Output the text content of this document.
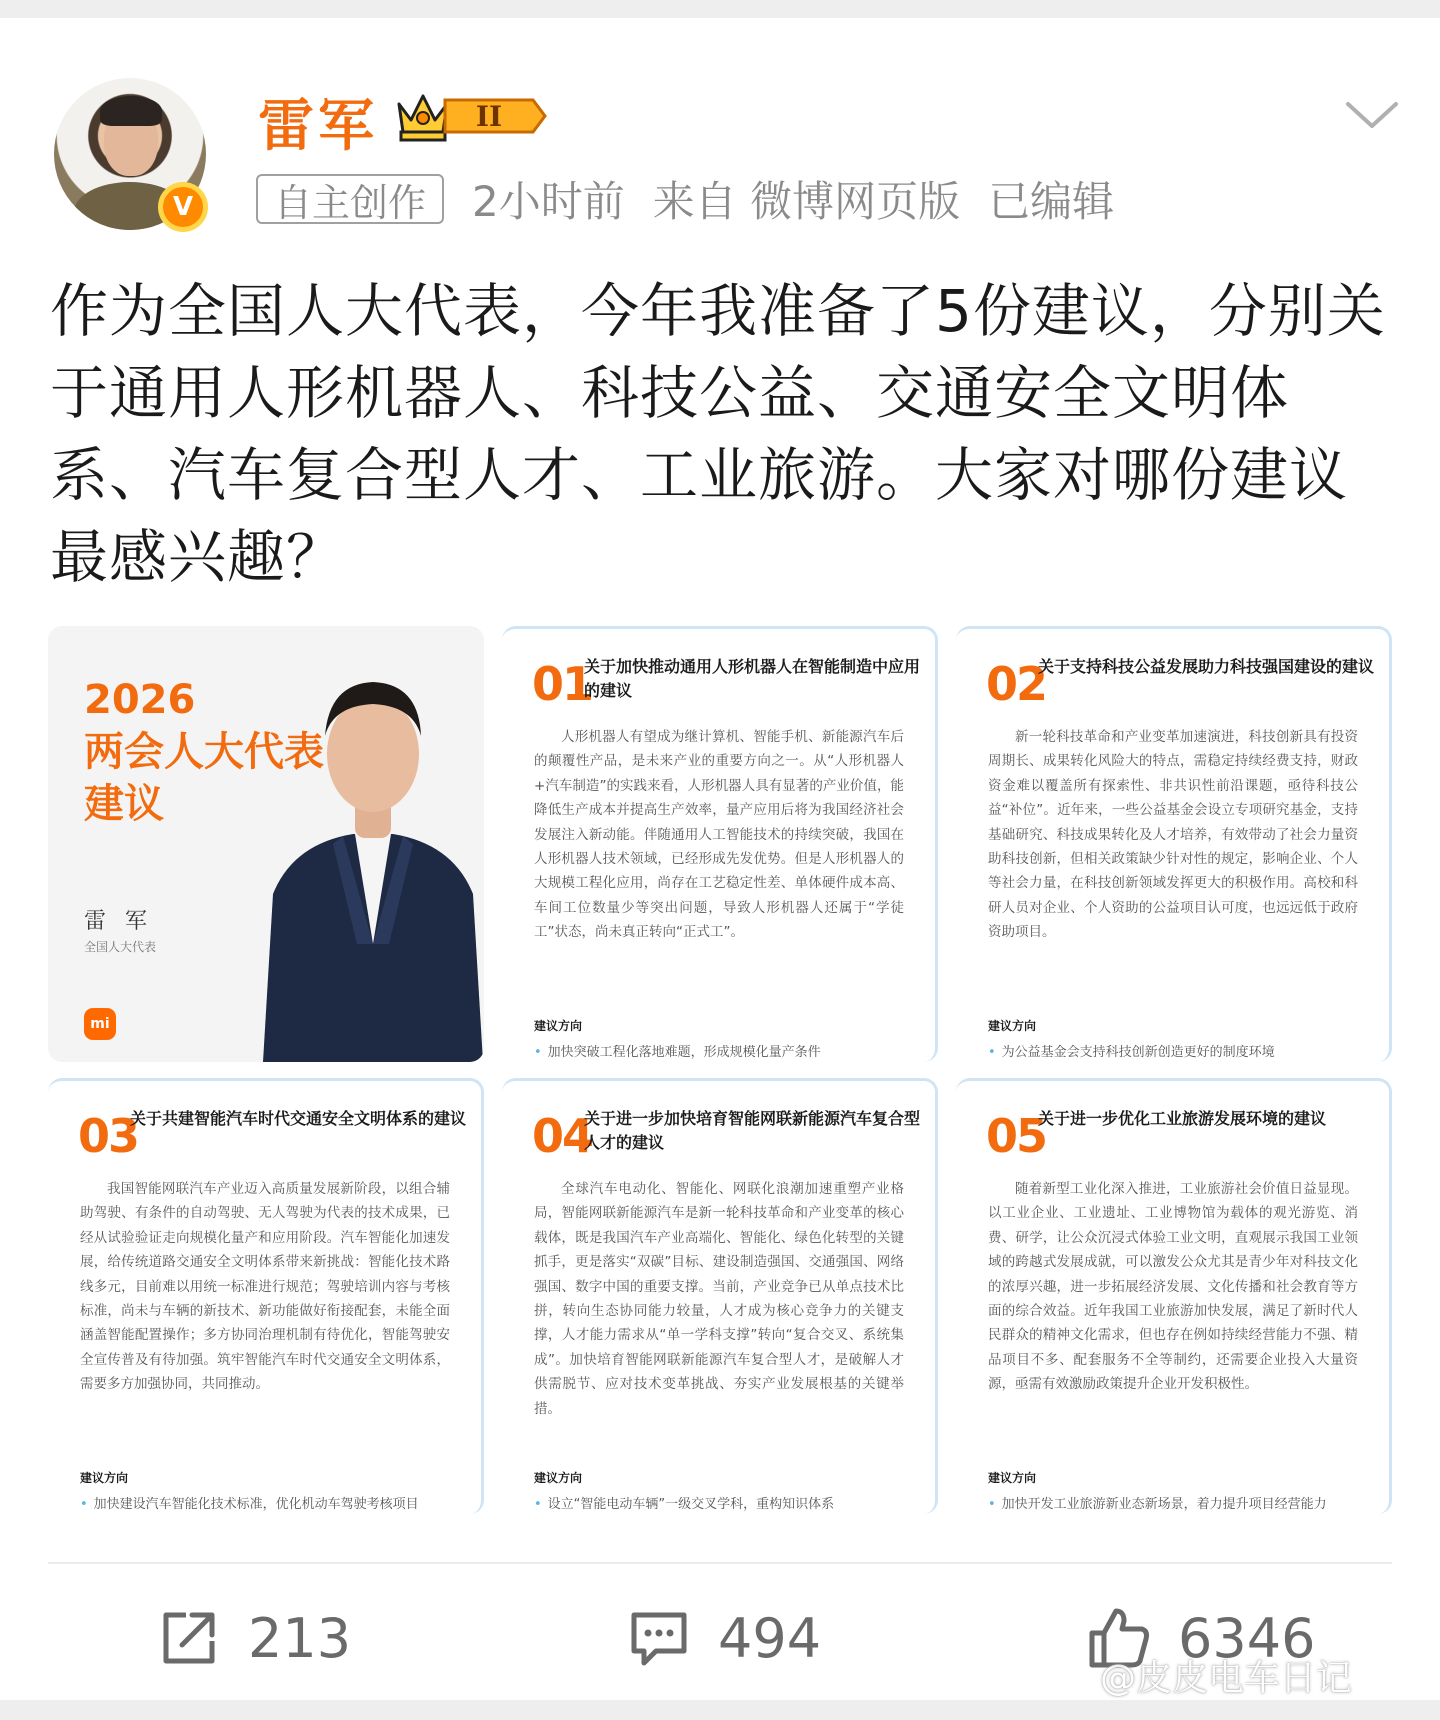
V
雷军	II
自主创作	2小时前 来自 微博网页版 已编辑
作为全国人大代表，今年我准备了5份建议，分别关于通用人形机器人、科技公益、交通安全文明体系、汽车复合型人才、工业旅游。大家对哪份建议最感兴趣？
2026
两会人大代表
建议
雷 军
全国人大代表
mi
01
关于加快推动通用人形机器人在智能制造中应用的建议
人形机器人有望成为继计算机、智能手机、新能源汽车后的颠覆性产品，是未来产业的重要方向之一。从“人形机器人+汽车制造”的实践来看，人形机器人具有显著的产业价值，能降低生产成本并提高生产效率，量产应用后将为我国经济社会发展注入新动能。伴随通用人工智能技术的持续突破，我国在人形机器人技术领域，已经形成先发优势。但是人形机器人的大规模工程化应用，尚存在工艺稳定性差、单体硬件成本高、车间工位数量少等突出问题，导致人形机器人还属于“学徒工”状态，尚未真正转向“正式工”。
建议方向
• 加快突破工程化落地难题，形成规模化量产条件
02
关于支持科技公益发展助力科技强国建设的建议
新一轮科技革命和产业变革加速演进，科技创新具有投资周期长、成果转化风险大的特点，需稳定持续经费支持，财政资金难以覆盖所有探索性、非共识性前沿课题，亟待科技公益“补位”。近年来，一些公益基金会设立专项研究基金，支持基础研究、科技成果转化及人才培养，有效带动了社会力量资助科技创新，但相关政策缺少针对性的规定，影响企业、个人等社会力量，在科技创新领域发挥更大的积极作用。高校和科研人员对企业、个人资助的公益项目认可度，也远远低于政府资助项目。
建议方向
• 为公益基金会支持科技创新创造更好的制度环境
03
关于共建智能汽车时代交通安全文明体系的建议
我国智能网联汽车产业迈入高质量发展新阶段，以组合辅助驾驶、有条件的自动驾驶、无人驾驶为代表的技术成果，已经从试验验证走向规模化量产和应用阶段。汽车智能化加速发展，给传统道路交通安全文明体系带来新挑战：智能化技术路线多元，目前难以用统一标准进行规范；驾驶培训内容与考核标准，尚未与车辆的新技术、新功能做好衔接配套，未能全面涵盖智能配置操作；多方协同治理机制有待优化，智能驾驶安全宣传普及有待加强。筑牢智能汽车时代交通安全文明体系，需要多方加强协同，共同推动。
建议方向
• 加快建设汽车智能化技术标准，优化机动车驾驶考核项目
04
关于进一步加快培育智能网联新能源汽车复合型人才的建议
全球汽车电动化、智能化、网联化浪潮加速重塑产业格局，智能网联新能源汽车是新一轮科技革命和产业变革的核心载体，既是我国汽车产业高端化、智能化、绿色化转型的关键抓手，更是落实“双碳”目标、建设制造强国、交通强国、网络强国、数字中国的重要支撑。当前，产业竞争已从单点技术比拼，转向生态协同能力较量，人才成为核心竞争力的关键支撑，人才能力需求从“单一学科支撑”转向“复合交叉、系统集成”。加快培育智能网联新能源汽车复合型人才，是破解人才供需脱节、应对技术变革挑战、夯实产业发展根基的关键举措。
建议方向
• 设立“智能电动车辆”一级交叉学科，重构知识体系
05
关于进一步优化工业旅游发展环境的建议
随着新型工业化深入推进，工业旅游社会价值日益显现。以工业企业、工业遗址、工业博物馆为载体的观光游览、消费、研学，让公众沉浸式体验工业文明，直观展示我国工业领域的跨越式发展成就，可以激发公众尤其是青少年对科技文化的浓厚兴趣，进一步拓展经济发展、文化传播和社会教育等方面的综合效益。近年我国工业旅游加快发展，满足了新时代人民群众的精神文化需求，但也存在例如持续经营能力不强、精品项目不多、配套服务不全等制约，还需要企业投入大量资源，亟需有效激励政策提升企业开发积极性。
建议方向
• 加快开发工业旅游新业态新场景，着力提升项目经营能力
213	494	6346
@皮皮电车日记
